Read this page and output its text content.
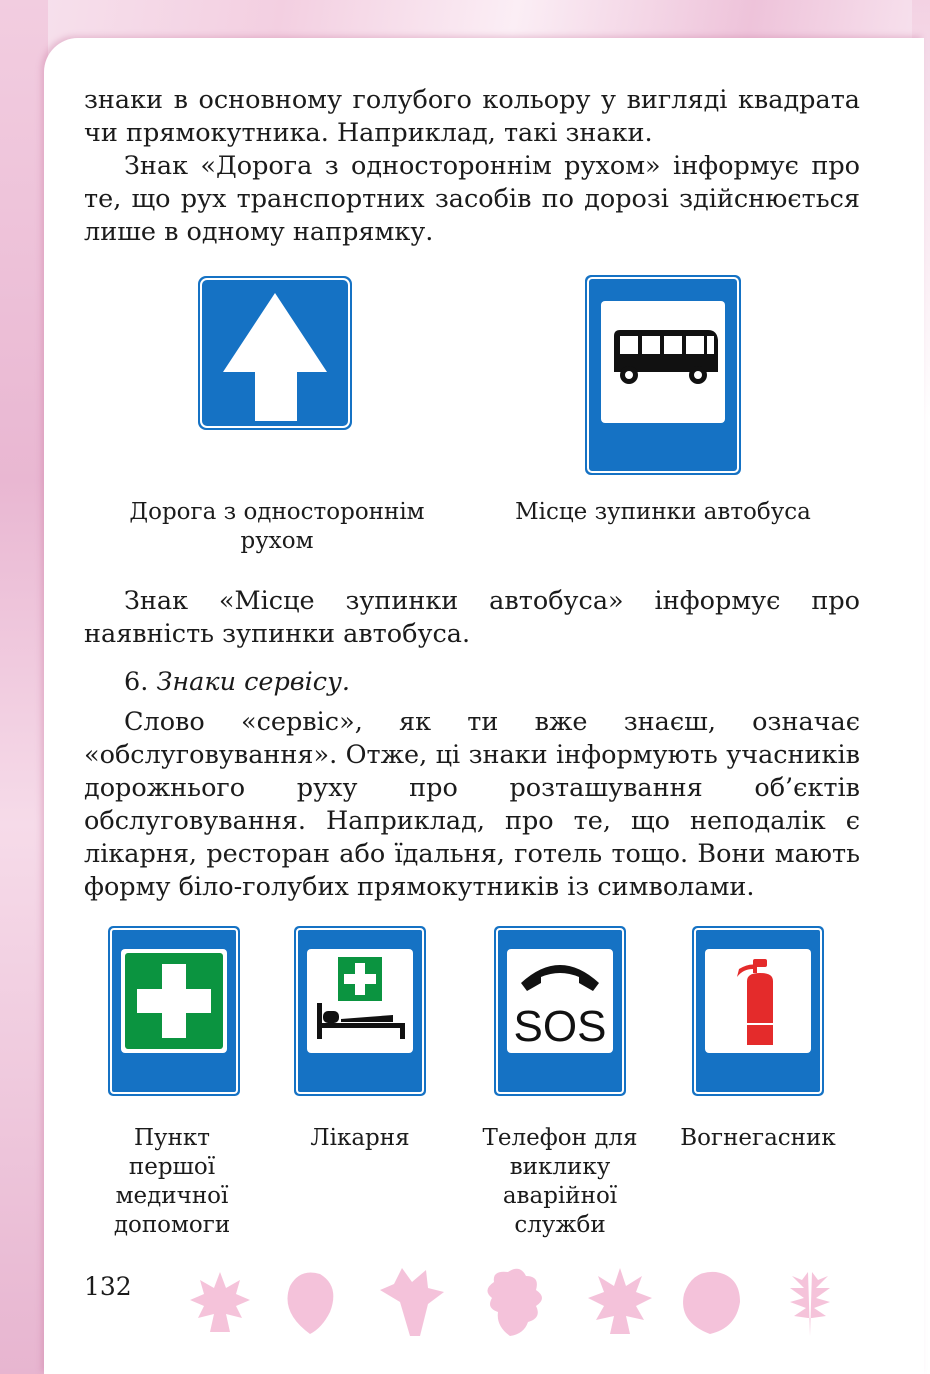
знаки в основному голубого кольору у вигляді квадрата чи прямокутника. Наприклад, такі знаки.

Знак «Дорога з одностороннім рухом» інформує про те, що рух транспортних засобів по дорозі здійснюється лише в одному напрямку.

Дорога з одностороннім
рухом
Місце зупинки автобуса

Знак «Місце зупинки автобуса» інформує про наявність зупинки автобуса.

6. Знаки сервісу.

Слово «сервіс», як ти вже знаєш, означає «обслуговування». Отже, ці знаки інформують учасників дорожнього руху про розташування об’єктів обслуговування. Наприклад, про те, що неподалік є лікарня, ресторан або їдальня, готель тощо. Вони мають форму біло-голубих прямокутників із символами.

SOS
Пункт
першої
медичної
допомоги
Лікарня	Телефон для
виклику
аварійної
служби
Вогнегасник
132
